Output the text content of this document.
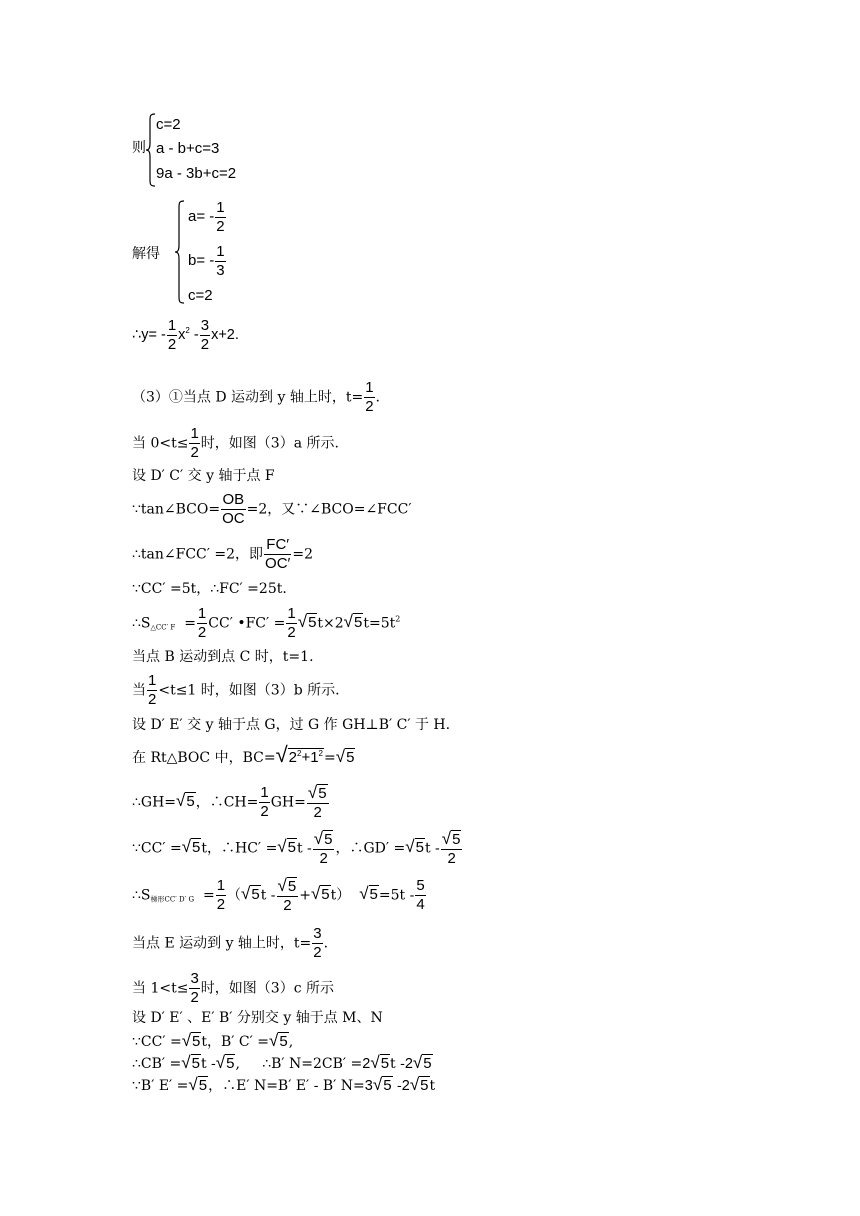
则
c=2
a - b+c=3
9a - 3b+c=2
解得
$a= - \frac{1}{2}$
$b= - \frac{1}{3}$
c=2
∴y= - $\frac{1}{2} x^2 - \frac{3}{2} x+2$.
（3）①当点 D 运动到 y 轴上时，$t= \frac{1}{2}$ .
当 $0<t\le \frac{1}{2}$ 时，如图（3）a 所示.
设 D′ C′ 交 y 轴于点 F
∵tan∠BCO= $\frac{OB}{OC} =2$，又∵∠BCO=∠FCC′
∴tan∠FCC′ =2，即 $\frac{FC'}{OC'} =2$
∵CC′ =5t，∴FC′ =25t.
$\therefore S_{\triangle CC' F} = \frac{1}{2} CC'$ •FC′ = $\frac{1}{2} √5t\times 2√5t=5t^2$
当点 B 运动到点 C 时，t=1.
当 $\frac{1}{2} <t\le 1$ 时，如图（3）b 所示.
设 D′ E′ 交 y 轴于点 G，过 G 作 GH⊥B′ C′ 于 H.
在 Rt△BOC 中，$BC=√2^2+1^2=√5$
∴GH=√5，∴CH= $\frac{1}{2} GH= \frac{√5}{2}$
∵CC′ =√5t，∴HC′ $=√5t - \frac{√5}{2}$ ，∴GD′ $=√5t - \frac{√5}{2}$
$\therefore S_{梯形CC' D' G} = \frac{1}{2} (√5t - \frac{√5}{2} +√5t)$ $√5=5t - \frac{5}{4}$
当点 E 运动到 y 轴上时，$t= \frac{3}{2}$ .
当 $1<t\le \frac{3}{2}$ 时，如图（3）c 所示
设 D′ E′ 、E′ B′ 分别交 y 轴于点 M、N
∵CC′ =√5t，B′ C′ =√5,
∴CB′ =√5t -√5, ∴B′ N=2CB′ =2√5t -2√5
∵B′ E′ =√5，∴E′ N=B′ E′ - B′ N=3√5 -2√5t
